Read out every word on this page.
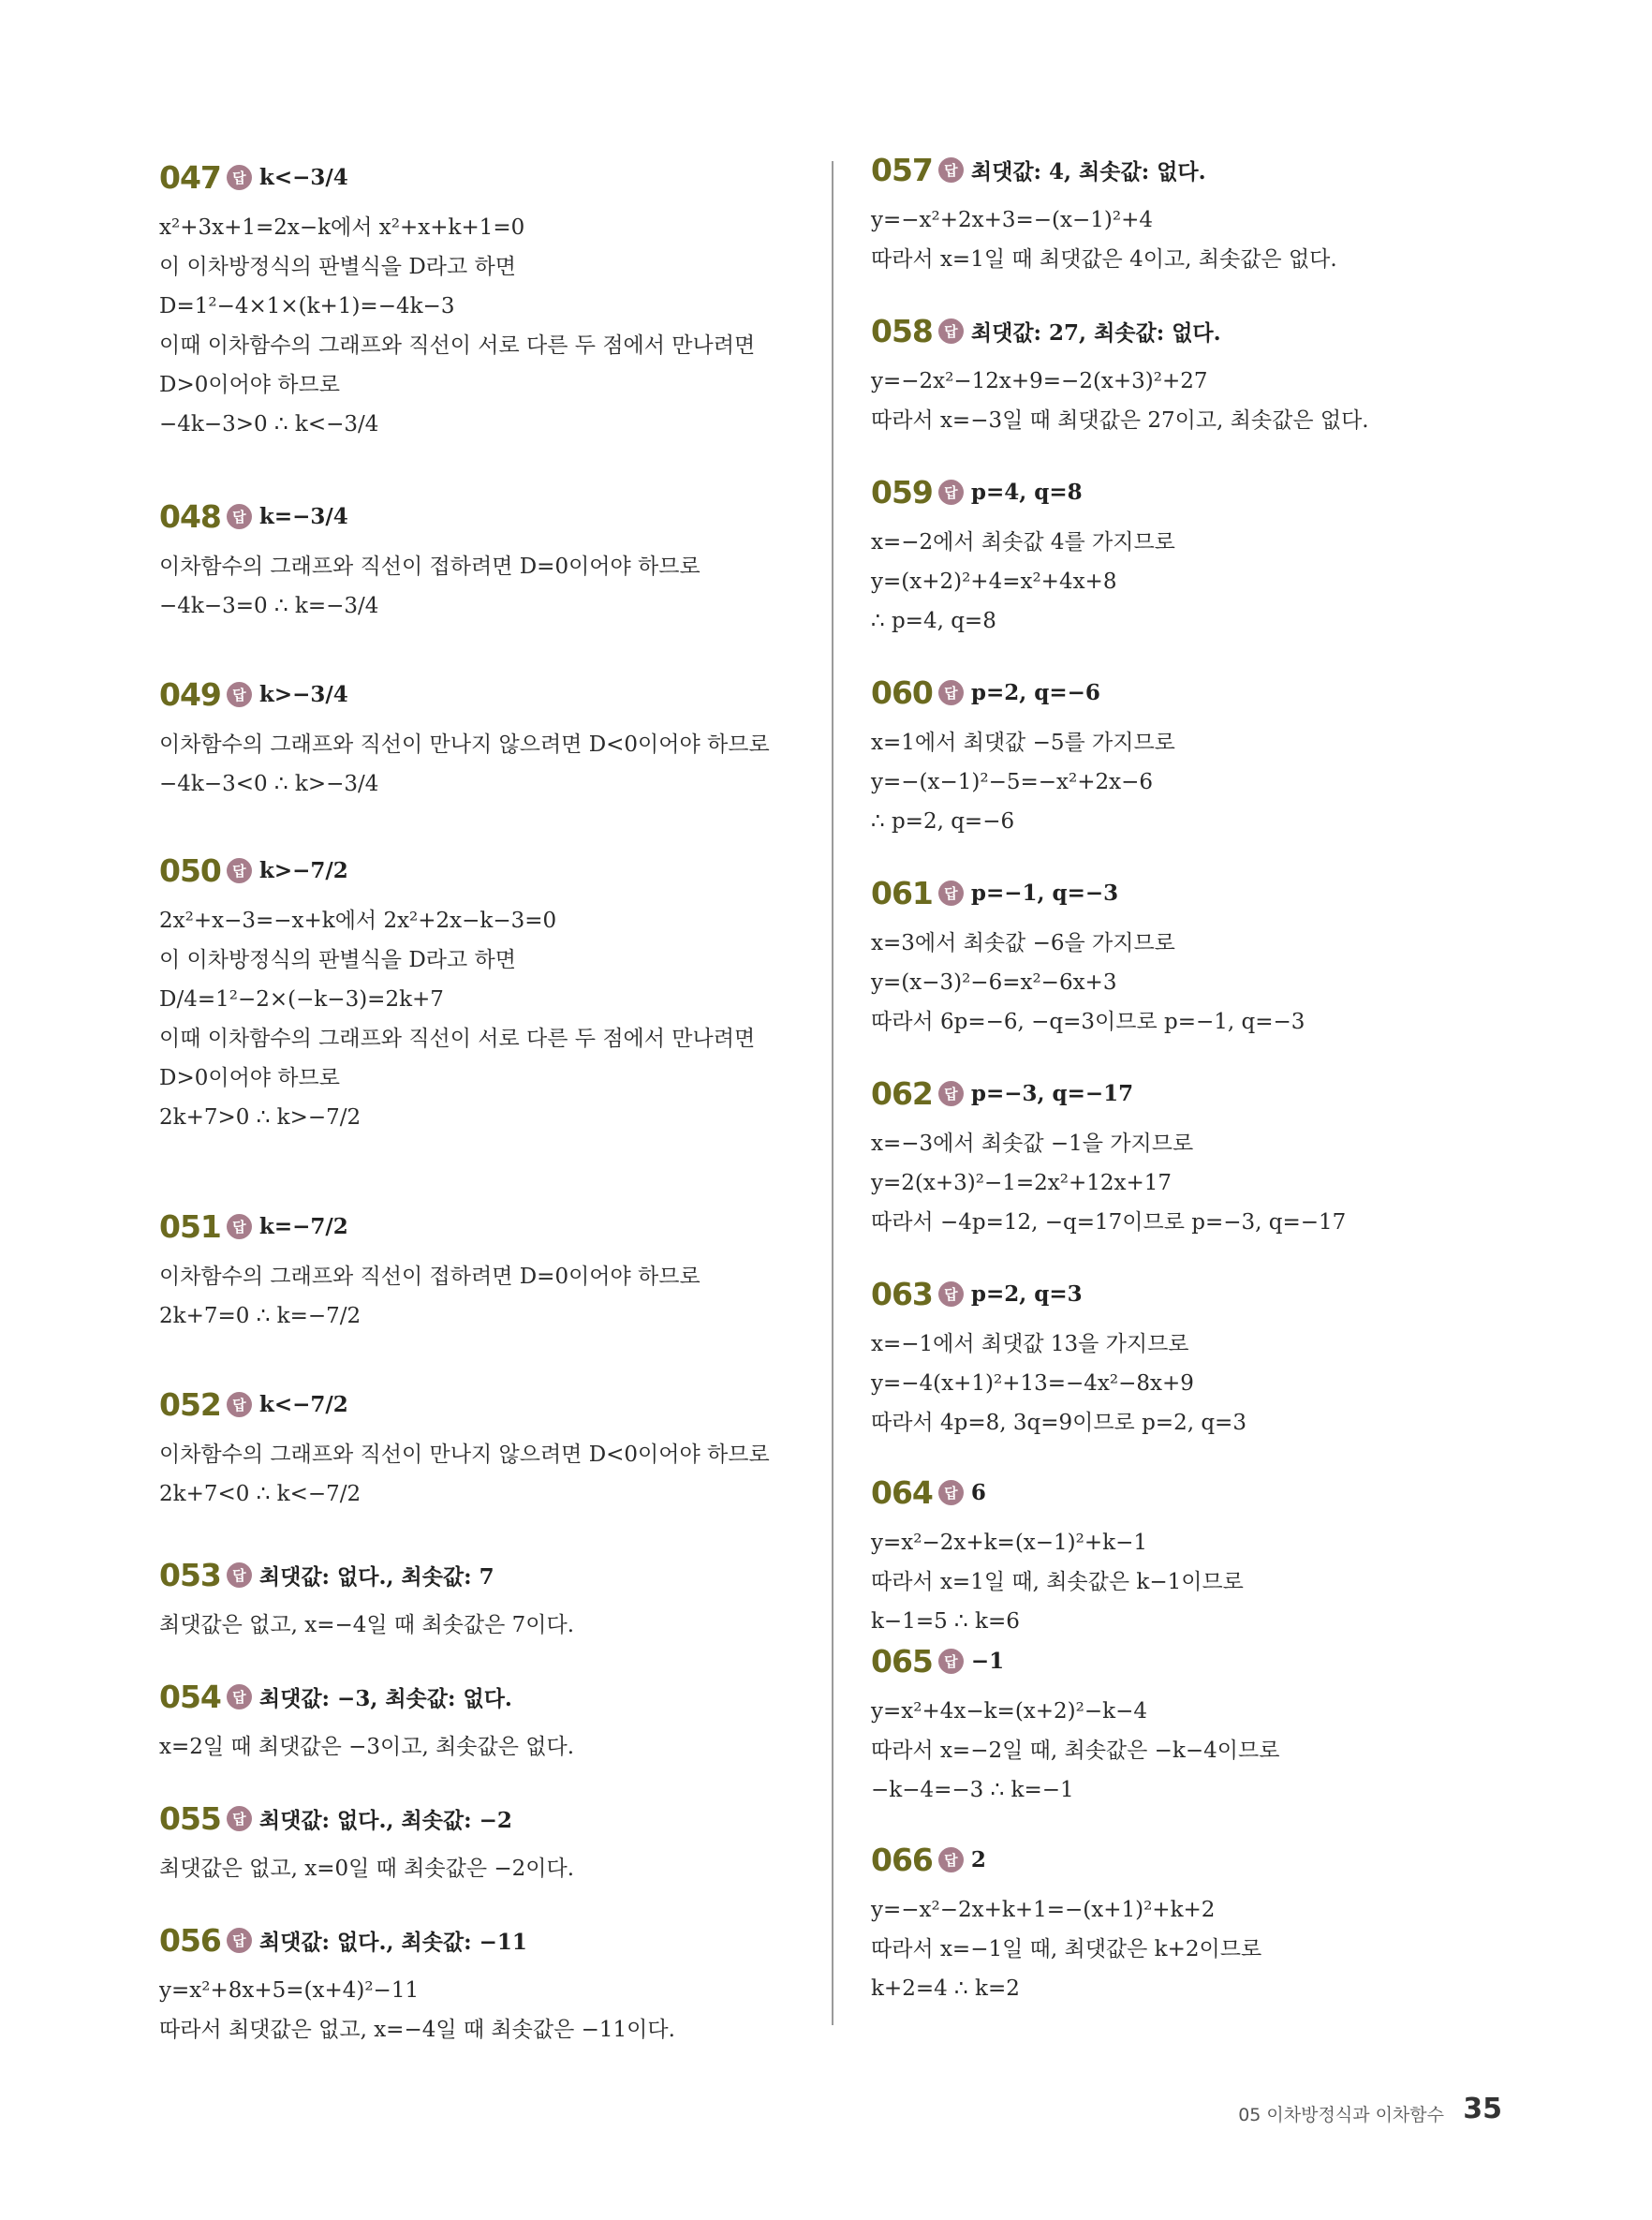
047 답 k<−3/4
x²+3x+1=2x−k에서 x²+x+k+1=0
이 이차방정식의 판별식을 D라고 하면
D=1²−4×1×(k+1)=−4k−3
이때 이차함수의 그래프와 직선이 서로 다른 두 점에서 만나려면
D>0이어야 하므로
−4k−3>0 ∴ k<−3/4
048 답 k=−3/4
이차함수의 그래프와 직선이 접하려면 D=0이어야 하므로
−4k−3=0 ∴ k=−3/4
049 답 k>−3/4
이차함수의 그래프와 직선이 만나지 않으려면 D<0이어야 하므로
−4k−3<0 ∴ k>−3/4
050 답 k>−7/2
2x²+x−3=−x+k에서 2x²+2x−k−3=0
이 이차방정식의 판별식을 D라고 하면
D/4=1²−2×(−k−3)=2k+7
이때 이차함수의 그래프와 직선이 서로 다른 두 점에서 만나려면
D>0이어야 하므로
2k+7>0 ∴ k>−7/2
051 답 k=−7/2
이차함수의 그래프와 직선이 접하려면 D=0이어야 하므로
2k+7=0 ∴ k=−7/2
052 답 k<−7/2
이차함수의 그래프와 직선이 만나지 않으려면 D<0이어야 하므로
2k+7<0 ∴ k<−7/2
053 답 최댓값: 없다., 최솟값: 7
최댓값은 없고, x=−4일 때 최솟값은 7이다.
054 답 최댓값: −3, 최솟값: 없다.
x=2일 때 최댓값은 −3이고, 최솟값은 없다.
055 답 최댓값: 없다., 최솟값: −2
최댓값은 없고, x=0일 때 최솟값은 −2이다.
056 답 최댓값: 없다., 최솟값: −11
y=x²+8x+5=(x+4)²−11
따라서 최댓값은 없고, x=−4일 때 최솟값은 −11이다.
057 답 최댓값: 4, 최솟값: 없다.
y=−x²+2x+3=−(x−1)²+4
따라서 x=1일 때 최댓값은 4이고, 최솟값은 없다.
058 답 최댓값: 27, 최솟값: 없다.
y=−2x²−12x+9=−2(x+3)²+27
따라서 x=−3일 때 최댓값은 27이고, 최솟값은 없다.
059 답 p=4, q=8
x=−2에서 최솟값 4를 가지므로
y=(x+2)²+4=x²+4x+8
∴ p=4, q=8
060 답 p=2, q=−6
x=1에서 최댓값 −5를 가지므로
y=−(x−1)²−5=−x²+2x−6
∴ p=2, q=−6
061 답 p=−1, q=−3
x=3에서 최솟값 −6을 가지므로
y=(x−3)²−6=x²−6x+3
따라서 6p=−6, −q=3이므로 p=−1, q=−3
062 답 p=−3, q=−17
x=−3에서 최솟값 −1을 가지므로
y=2(x+3)²−1=2x²+12x+17
따라서 −4p=12, −q=17이므로 p=−3, q=−17
063 답 p=2, q=3
x=−1에서 최댓값 13을 가지므로
y=−4(x+1)²+13=−4x²−8x+9
따라서 4p=8, 3q=9이므로 p=2, q=3
064 답 6
y=x²−2x+k=(x−1)²+k−1
따라서 x=1일 때, 최솟값은 k−1이므로
k−1=5 ∴ k=6
065 답 −1
y=x²+4x−k=(x+2)²−k−4
따라서 x=−2일 때, 최솟값은 −k−4이므로
−k−4=−3 ∴ k=−1
066 답 2
y=−x²−2x+k+1=−(x+1)²+k+2
따라서 x=−1일 때, 최댓값은 k+2이므로
k+2=4 ∴ k=2
05 이차방정식과 이차함수 35
